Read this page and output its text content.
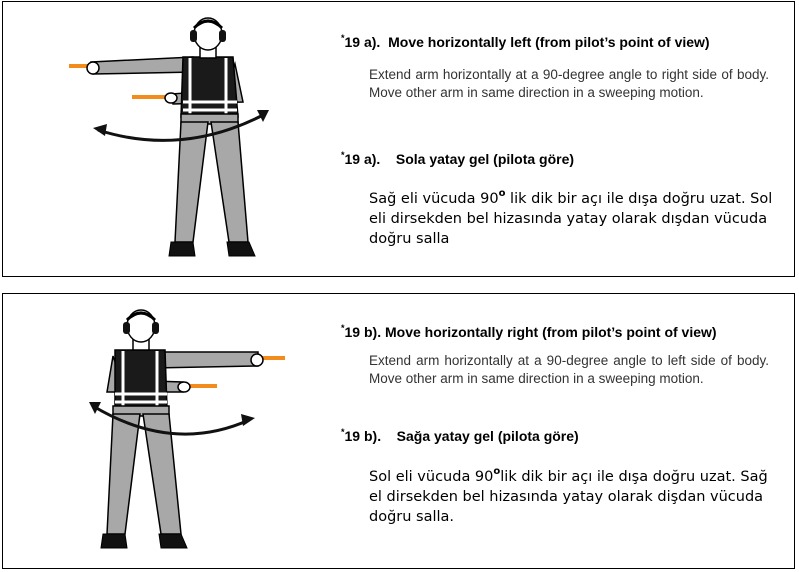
*19 a). Move horizontally left (from pilot’s point of view)
Extend arm horizontally at a 90-degree angle to right side of body. Move other arm in same direction in a sweeping motion.
*19 a). Sola yatay gel (pilota göre)
Sağ eli vücuda 90$^o$ lik dik bir açı ile dışa doğru uzat. Sol eli dirsekden bel hizasında yatay olarak dışdan vücuda doğru salla
*19 b). Move horizontally right (from pilot’s point of view)
Extend arm horizontally at a 90-degree angle to left side of body. Move other arm in same direction in a sweeping motion.
*19 b). Sağa yatay gel (pilota göre)
Sol eli vücuda 90$^o$lik dik bir açı ile dışa doğru uzat. Sağ el dirsekden bel hizasında yatay olarak dişdan vücuda doğru salla.
